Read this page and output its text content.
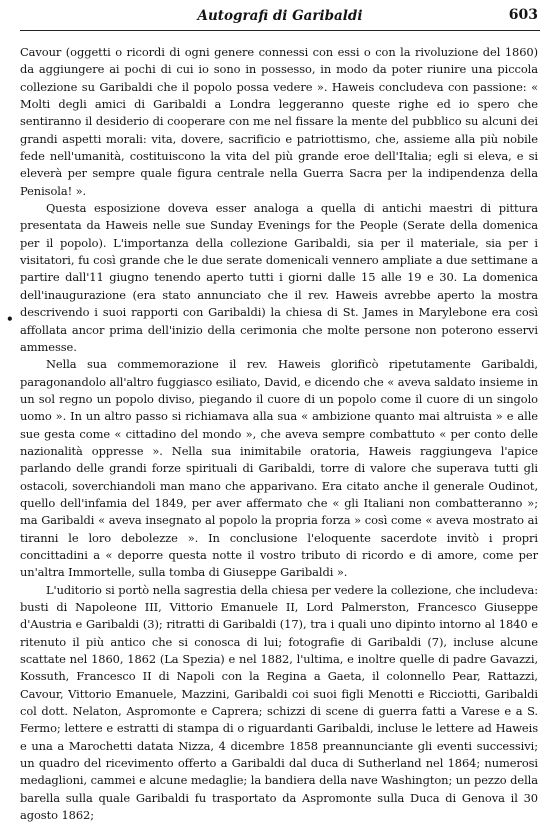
Autografi di Garibaldi	603
•

Cavour (oggetti o ricordi di ogni genere connessi con essi o con la rivoluzione del 1860) da aggiungere ai pochi di cui io sono in possesso, in modo da poter riunire una piccola collezione su Garibaldi che il popolo possa vedere ». Haweis concludeva con passione: « Molti degli amici di Garibaldi a Londra leggeranno queste righe ed io spero che sentiranno il desiderio di cooperare con me nel fissare la mente del pubblico su alcuni dei grandi aspetti morali: vita, dovere, sacrificio e patriottismo, che, assieme alla più nobile fede nell'umanità, costituiscono la vita del più grande eroe dell'Italia; egli si eleva, e si eleverà per sempre quale figura centrale nella Guerra Sacra per la indipendenza della Penisola! ».

Questa esposizione doveva esser analoga a quella di antichi maestri di pittura presentata da Haweis nelle sue Sunday Evenings for the People (Serate della domenica per il popolo). L'importanza della collezione Garibaldi, sia per il materiale, sia per i visitatori, fu così grande che le due serate domenicali vennero ampliate a due settimane a partire dall'11 giugno tenendo aperto tutti i giorni dalle 15 alle 19 e 30. La domenica dell'inaugurazione (era stato annunciato che il rev. Haweis avrebbe aperto la mostra descrivendo i suoi rapporti con Garibaldi) la chiesa di St. James in Marylebone era così affollata ancor prima dell'inizio della cerimonia che molte persone non poterono esservi ammesse.

Nella sua commemorazione il rev. Haweis glorificò ripetutamente Garibaldi, paragonandolo all'altro fuggiasco esiliato, David, e dicendo che « aveva saldato insieme in un sol regno un popolo diviso, piegando il cuore di un popolo come il cuore di un singolo uomo ». In un altro passo si richiamava alla sua « ambizione quanto mai altruista » e alle sue gesta come « cittadino del mondo », che aveva sempre combattuto « per conto delle nazionalità oppresse ». Nella sua inimitabile oratoria, Haweis raggiungeva l'apice parlando delle grandi forze spirituali di Garibaldi, torre di valore che superava tutti gli ostacoli, soverchiandoli man mano che apparivano. Era citato anche il generale Oudinot, quello dell'infamia del 1849, per aver affermato che « gli Italiani non combatteranno »; ma Garibaldi « aveva insegnato al popolo la propria forza » così come « aveva mostrato ai tiranni le loro debolezze ». In conclusione l'eloquente sacerdote invitò i propri concittadini a « deporre questa notte il vostro tributo di ricordo e di amore, come per un'altra Immortelle, sulla tomba di Giuseppe Garibaldi ».

L'uditorio si portò nella sagrestia della chiesa per vedere la collezione, che includeva: busti di Napoleone III, Vittorio Emanuele II, Lord Palmerston, Francesco Giuseppe d'Austria e Garibaldi (3); ritratti di Garibaldi (17), tra i quali uno dipinto intorno al 1840 e ritenuto il più antico che si conosca di lui; fotografie di Garibaldi (7), incluse alcune scattate nel 1860, 1862 (La Spezia) e nel 1882, l'ultima, e inoltre quelle di padre Gavazzi, Kossuth, Francesco II di Napoli con la Regina a Gaeta, il colonnello Pear, Rattazzi, Cavour, Vittorio Emanuele, Mazzini, Garibaldi coi suoi figli Menotti e Ricciotti, Garibaldi col dott. Nelaton, Aspromonte e Caprera; schizzi di scene di guerra fatti a Varese e a S. Fermo; lettere e estratti di stampa di o riguardanti Garibaldi, incluse le lettere ad Haweis e una a Marochetti datata Nizza, 4 dicembre 1858 preannunciante gli eventi successivi; un quadro del ricevimento offerto a Garibaldi dal duca di Sutherland nel 1864; numerosi medaglioni, cammei e alcune medaglie; la bandiera della nave Washington; un pezzo della barella sulla quale Garibaldi fu trasportato da Aspromonte sulla Duca di Genova il 30 agosto 1862;
